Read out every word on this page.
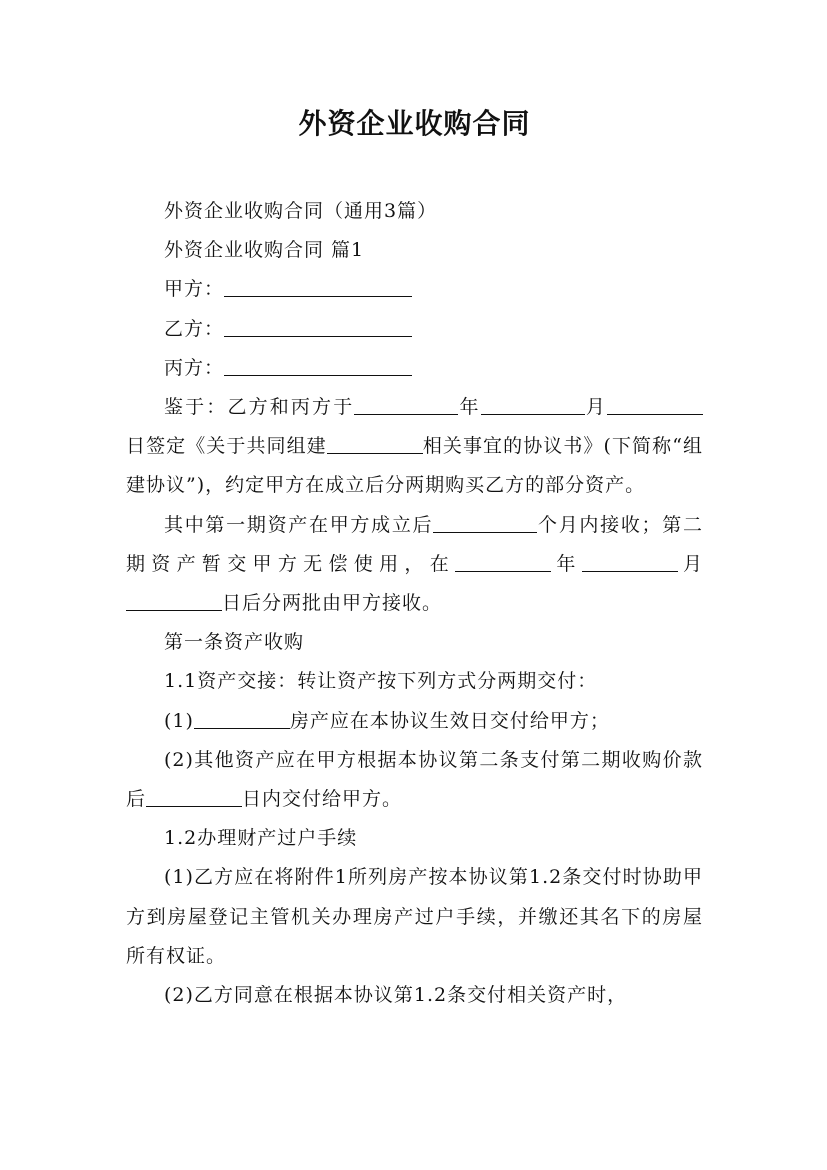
外资企业收购合同

外资企业收购合同（通用3篇）

外资企业收购合同 篇1

甲方：

乙方：

丙方：

鉴于：乙方和丙方于	年	月日签定《关于共同组建	相关事宜的协议书》(下简称“组建协议”)，约定甲方在成立后分两期购买乙方的部分资产。

其中第一期资产在甲方成立后	个月内接收；第二期资产暂交甲方无偿使用，在	年	月日后分两批由甲方接收。

第一条资产收购

1.1资产交接：转让资产按下列方式分两期交付：

(1)	房产应在本协议生效日交付给甲方；

(2)其他资产应在甲方根据本协议第二条支付第二期收购价款后	日内交付给甲方。

1.2办理财产过户手续

(1)乙方应在将附件1所列房产按本协议第1.2条交付时协助甲方到房屋登记主管机关办理房产过户手续，并缴还其名下的房屋所有权证。

(2)乙方同意在根据本协议第1.2条交付相关资产时，
